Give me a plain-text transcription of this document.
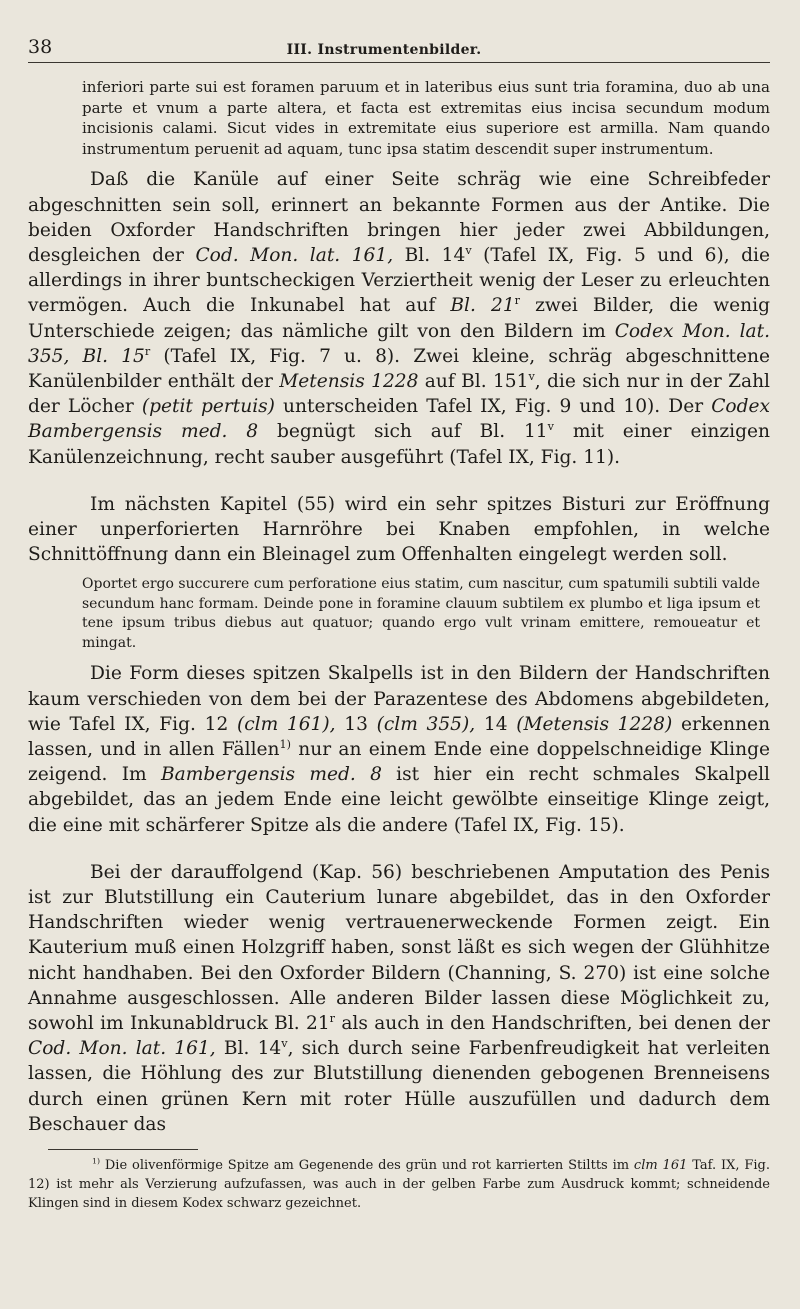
38	III. Instrumentenbilder.

inferiori parte sui est foramen paruum et in lateribus eius sunt tria foramina, duo ab una parte et vnum a parte altera, et facta est extremitas eius incisa secundum modum incisionis calami. Sicut vides in extremitate eius superiore est armilla. Nam quando instrumentum peruenit ad aquam, tunc ipsa statim descendit super instrumentum.

Daß die Kanüle auf einer Seite schräg wie eine Schreibfeder abgeschnitten sein soll, erinnert an bekannte Formen aus der Antike. Die beiden Oxforder Handschriften bringen hier jeder zwei Abbildungen, desgleichen der Cod. Mon. lat. 161, Bl. 14$^v$ (Tafel IX, Fig. 5 und 6), die allerdings in ihrer buntscheckigen Verziertheit wenig der Leser zu erleuchten vermögen. Auch die Inkunabel hat auf Bl. 21$^r$ zwei Bilder, die wenig Unterschiede zeigen; das nämliche gilt von den Bildern im Codex Mon. lat. 355, Bl. 15$^r$ (Tafel IX, Fig. 7 u. 8). Zwei kleine, schräg abgeschnittene Kanülenbilder enthält der Metensis 1228 auf Bl. 151$^v$, die sich nur in der Zahl der Löcher (petit pertuis) unterscheiden Tafel IX, Fig. 9 und 10). Der Codex Bambergensis med. 8 begnügt sich auf Bl. 11$^v$ mit einer einzigen Kanülenzeichnung, recht sauber ausgeführt (Tafel IX, Fig. 11).

Im nächsten Kapitel (55) wird ein sehr spitzes Bisturi zur Eröffnung einer unperforierten Harnröhre bei Knaben empfohlen, in welche Schnittöffnung dann ein Bleinagel zum Offenhalten eingelegt werden soll.

Oportet ergo succurere cum perforatione eius statim, cum nascitur, cum spatumili subtili valde secundum hanc formam. Deinde pone in foramine clauum subtilem ex plumbo et liga ipsum et tene ipsum tribus diebus aut quatuor; quando ergo vult vrinam emittere, remoueatur et mingat.

Die Form dieses spitzen Skalpells ist in den Bildern der Handschriften kaum verschieden von dem bei der Parazentese des Abdomens abgebildeten, wie Tafel IX, Fig. 12 (clm 161), 13 (clm 355), 14 (Metensis 1228) erkennen lassen, und in allen Fällen$^{1)}$ nur an einem Ende eine doppelschneidige Klinge zeigend. Im Bambergensis med. 8 ist hier ein recht schmales Skalpell abgebildet, das an jedem Ende eine leicht gewölbte einseitige Klinge zeigt, die eine mit schärferer Spitze als die andere (Tafel IX, Fig. 15).

Bei der darauffolgend (Kap. 56) beschriebenen Amputation des Penis ist zur Blutstillung ein Cauterium lunare abgebildet, das in den Oxforder Handschriften wieder wenig vertrauenerweckende Formen zeigt. Ein Kauterium muß einen Holzgriff haben, sonst läßt es sich wegen der Glühhitze nicht handhaben. Bei den Oxforder Bildern (Channing, S. 270) ist eine solche Annahme ausgeschlossen. Alle anderen Bilder lassen diese Möglichkeit zu, sowohl im Inkunabldruck Bl. 21$^r$ als auch in den Handschriften, bei denen der Cod. Mon. lat. 161, Bl. 14$^v$, sich durch seine Farbenfreudigkeit hat verleiten lassen, die Höhlung des zur Blutstillung dienenden gebogenen Brenneisens durch einen grünen Kern mit roter Hülle auszufüllen und dadurch dem Beschauer das

$^{1)}$ Die olivenförmige Spitze am Gegenende des grün und rot karrierten Stiltts im clm 161 Taf. IX, Fig. 12) ist mehr als Verzierung aufzufassen, was auch in der gelben Farbe zum Ausdruck kommt; schneidende Klingen sind in diesem Kodex schwarz gezeichnet.
